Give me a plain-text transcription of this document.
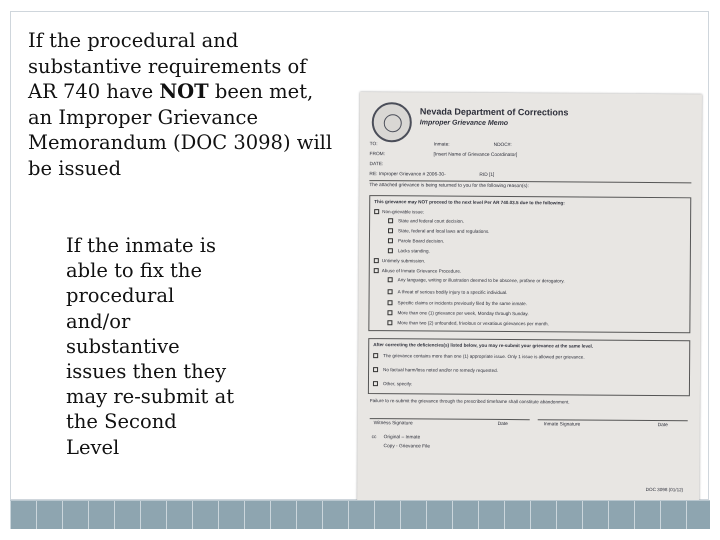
If the procedural and substantive requirements of AR 740 have NOT been met, an Improper Grievance Memorandum (DOC 3098) will be issued
If the inmate is able to fix the procedural and/or substantive issues then they may re-submit at the Second Level
Nevada Department of Corrections
Improper Grievance Memo
TO:	Inmate:	NDOC#:
FROM:	[Insert Name of Grievance Coordinator]
DATE:
RE: Improper Grievance # 2006-30-	RID [1]
The attached grievance is being returned to you for the following reason(s):
This grievance may NOT proceed to the next level Per AR 740.03.5 due to the following:
Non-grievable issue:
State and federal court decision.
State, federal and local laws and regulations.
Parole Board decision.
Lacks standing.
Untimely submission.
Abuse of Inmate Grievance Procedure.
Any language, writing or illustration deemed to be obscene, profane or derogatory.
A threat of serious bodily injury to a specific individual.
Specific claims or incidents previously filed by the same inmate.
More than one (1) grievance per week, Monday through Sunday.
More than two (2) unfounded, frivolous or vexatious grievances per month.
After correcting the deficiencies(s) listed below, you may re-submit your grievance at the same level.
The grievance contains more than one (1) appropriate issue. Only 1 issue is allowed per grievance.
No factual harm/loss noted and/or no remedy requested.
Other, specify:
Failure to re-submit the grievance through the prescribed timeframe shall constitute abandonment.
Witness Signature	Date	Inmate Signature	Date
cc Original – Inmate
Copy - Grievance File
DOC 3098 (01/12)
